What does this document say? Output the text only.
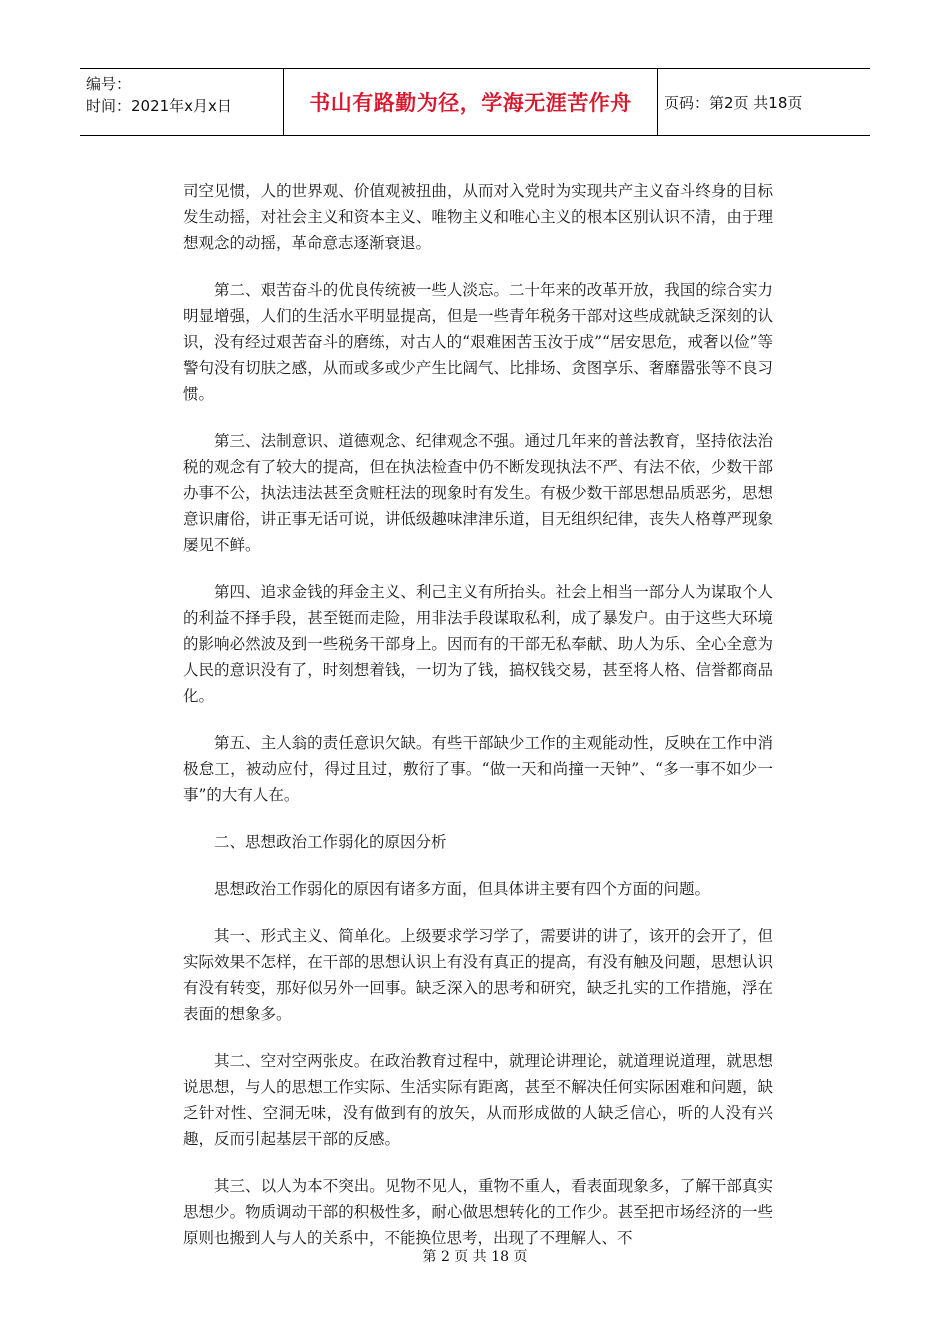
编号：
时间：2021年x月x日	书山有路勤为径，学海无涯苦作舟	页码：第2页 共18页

司空见惯，人的世界观、价值观被扭曲，从而对入党时为实现共产主义奋斗终身的目标发生动摇，对社会主义和资本主义、唯物主义和唯心主义的根本区别认识不清，由于理想观念的动摇，革命意志逐渐衰退。

第二、艰苦奋斗的优良传统被一些人淡忘。二十年来的改革开放，我国的综合实力明显增强，人们的生活水平明显提高，但是一些青年税务干部对这些成就缺乏深刻的认识，没有经过艰苦奋斗的磨练，对古人的“艰难困苦玉汝于成”“居安思危，戒奢以俭”等警句没有切肤之感，从而或多或少产生比阔气、比排场、贪图享乐、奢靡嚣张等不良习惯。

第三、法制意识、道德观念、纪律观念不强。通过几年来的普法教育，坚持依法治税的观念有了较大的提高，但在执法检查中仍不断发现执法不严、有法不依，少数干部办事不公，执法违法甚至贪赃枉法的现象时有发生。有极少数干部思想品质恶劣，思想意识庸俗，讲正事无话可说，讲低级趣味津津乐道，目无组织纪律，丧失人格尊严现象屡见不鲜。

第四、追求金钱的拜金主义、利己主义有所抬头。社会上相当一部分人为谋取个人的利益不择手段，甚至铤而走险，用非法手段谋取私利，成了暴发户。由于这些大环境的影响必然波及到一些税务干部身上。因而有的干部无私奉献、助人为乐、全心全意为人民的意识没有了，时刻想着钱，一切为了钱，搞权钱交易，甚至将人格、信誉都商品化。

第五、主人翁的责任意识欠缺。有些干部缺少工作的主观能动性，反映在工作中消极怠工，被动应付，得过且过，敷衍了事。“做一天和尚撞一天钟”、“多一事不如少一事”的大有人在。

二、思想政治工作弱化的原因分析

思想政治工作弱化的原因有诸多方面，但具体讲主要有四个方面的问题。

其一、形式主义、简单化。上级要求学习学了，需要讲的讲了，该开的会开了，但实际效果不怎样，在干部的思想认识上有没有真正的提高，有没有触及问题，思想认识有没有转变，那好似另外一回事。缺乏深入的思考和研究，缺乏扎实的工作措施，浮在表面的想象多。

其二、空对空两张皮。在政治教育过程中，就理论讲理论，就道理说道理，就思想说思想，与人的思想工作实际、生活实际有距离，甚至不解决任何实际困难和问题，缺乏针对性、空洞无味，没有做到有的放矢，从而形成做的人缺乏信心，听的人没有兴趣，反而引起基层干部的反感。

其三、以人为本不突出。见物不见人，重物不重人，看表面现象多，了解干部真实思想少。物质调动干部的积极性多，耐心做思想转化的工作少。甚至把市场经济的一些原则也搬到人与人的关系中，不能换位思考，出现了不理解人、不

第 2 页 共 18 页
